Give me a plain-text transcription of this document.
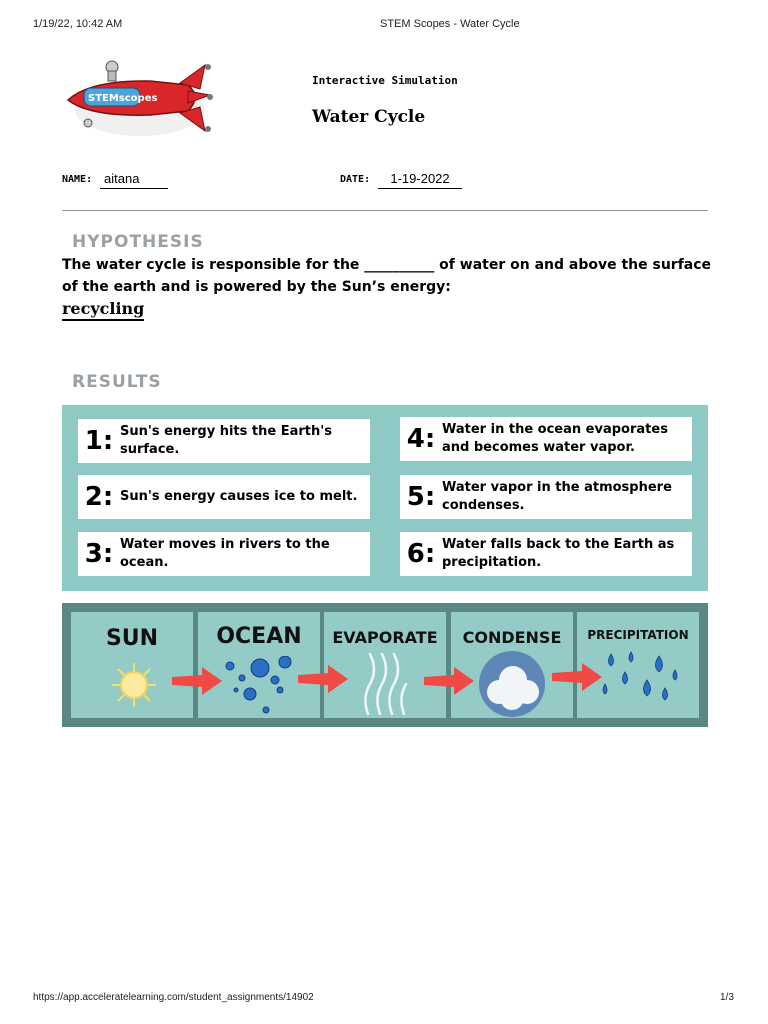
1/19/22, 10:42 AM	STEM Scopes - Water Cycle
STEMscopes
Interactive Simulation
Water Cycle
NAME: aitana	DATE:	1-19-2022
HYPOTHESIS
The water cycle is responsible for the __________ of water on and above the surface of the earth and is powered by the Sun’s energy:
recycling
RESULTS
1: Sun's energy hits the Earth's surface.
2: Sun's energy causes ice to melt.
3: Water moves in rivers to the ocean.
4: Water in the ocean evaporates and becomes water vapor.
5: Water vapor in the atmosphere condenses.
6: Water falls back to the Earth as precipitation.
SUN	OCEAN	EVAPORATE	CONDENSE	PRECIPITATION
https://app.acceleratelearning.com/student_assignments/14902	1/3
